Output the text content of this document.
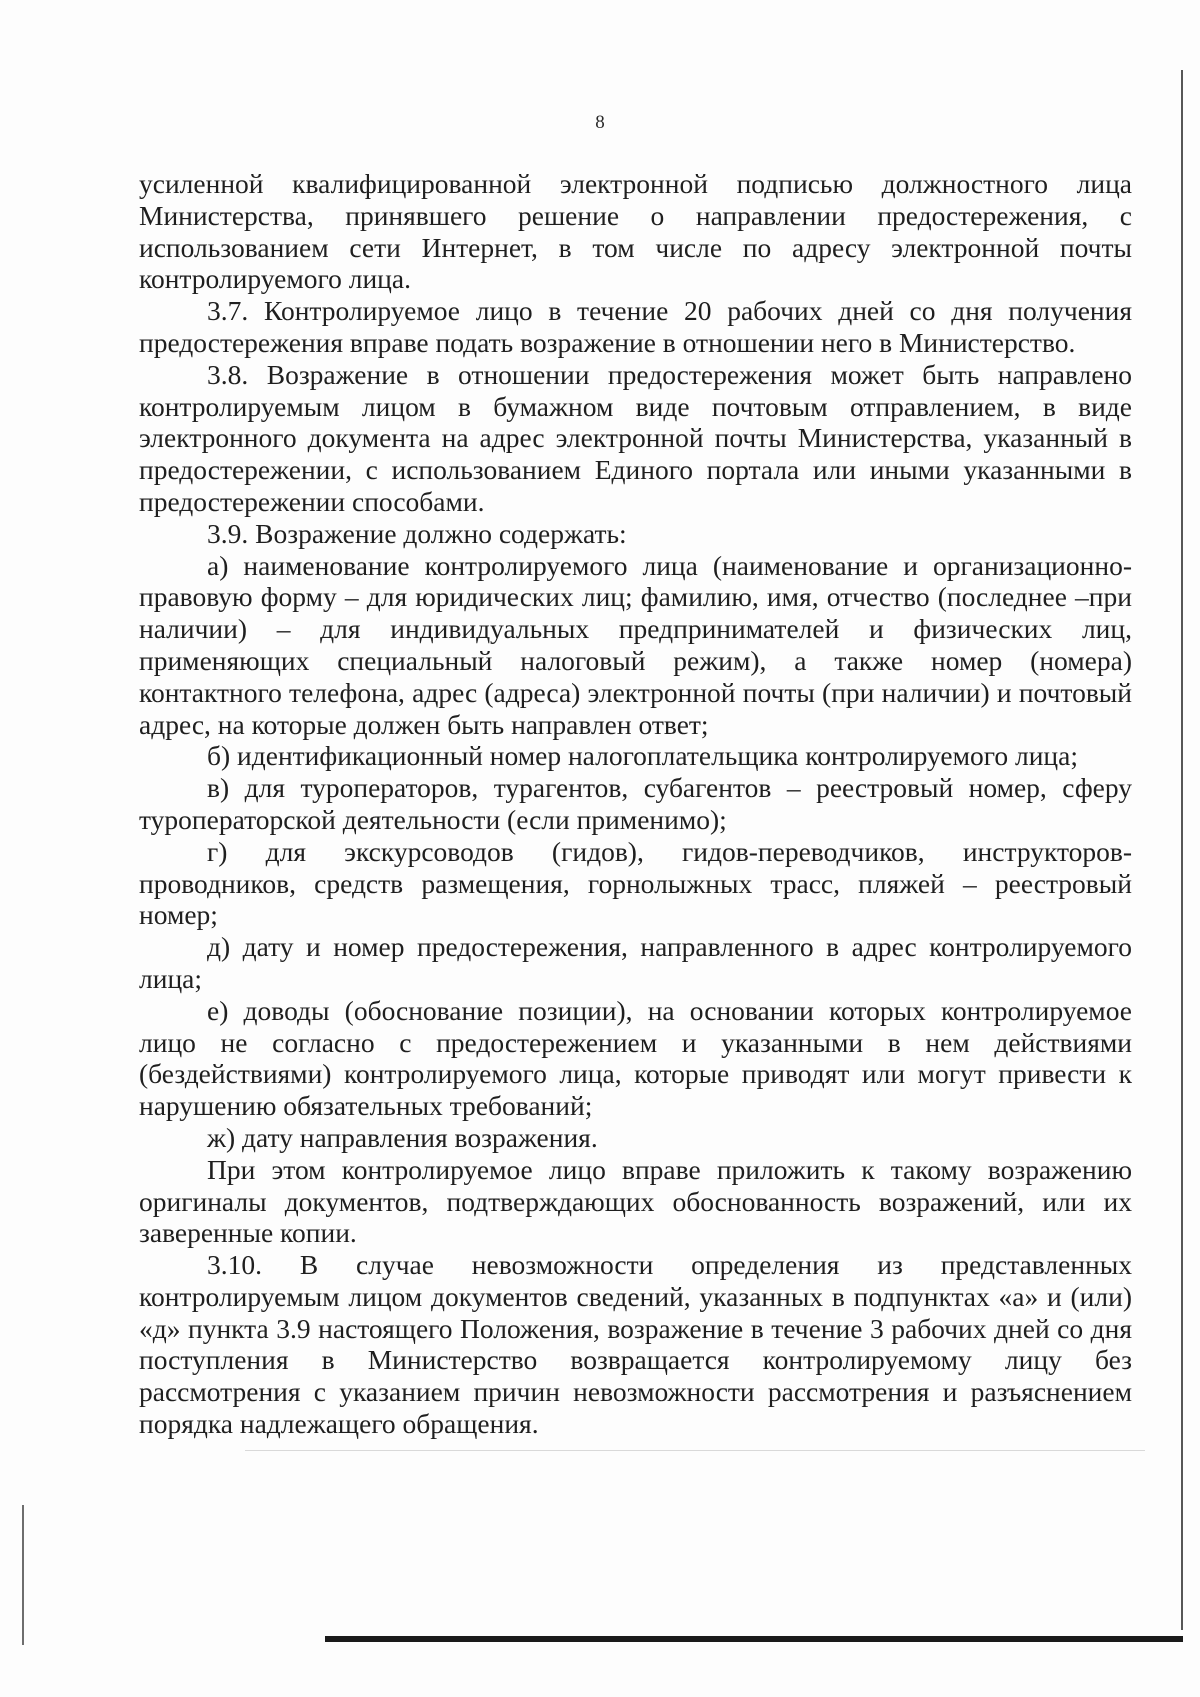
8

усиленной квалифицированной электронной подписью должностного лица Министерства, принявшего решение о направлении предостережения, с использованием сети Интернет, в том числе по адресу электронной почты контролируемого лица.

3.7. Контролируемое лицо в течение 20 рабочих дней со дня получения предостережения вправе подать возражение в отношении него в Министерство.

3.8. Возражение в отношении предостережения может быть направлено контролируемым лицом в бумажном виде почтовым отправлением, в виде электронного документа на адрес электронной почты Министерства, указанный в предостережении, с использованием Единого портала или иными указанными в предостережении способами.

3.9. Возражение должно содержать:

а) наименование контролируемого лица (наименование и организационно-правовую форму – для юридических лиц; фамилию, имя, отчество (последнее –при наличии) – для индивидуальных предпринимателей и физических лиц, применяющих специальный налоговый режим), а также номер (номера) контактного телефона, адрес (адреса) электронной почты (при наличии) и почтовый адрес, на которые должен быть направлен ответ;

б) идентификационный номер налогоплательщика контролируемого лица;

в) для туроператоров, турагентов, субагентов – реестровый номер, сферу туроператорской деятельности (если применимо);

г) для экскурсоводов (гидов), гидов-переводчиков, инструкторов-проводников, средств размещения, горнолыжных трасс, пляжей – реестровый номер;

д) дату и номер предостережения, направленного в адрес контролируемого лица;

е) доводы (обоснование позиции), на основании которых контролируемое лицо не согласно с предостережением и указанными в нем действиями (бездействиями) контролируемого лица, которые приводят или могут привести к нарушению обязательных требований;

ж) дату направления возражения.

При этом контролируемое лицо вправе приложить к такому возражению оригиналы документов, подтверждающих обоснованность возражений, или их заверенные копии.

3.10. В случае невозможности определения из представленных контролируемым лицом документов сведений, указанных в подпунктах «а» и (или) «д» пункта 3.9 настоящего Положения, возражение в течение 3 рабочих дней со дня поступления в Министерство возвращается контролируемому лицу без рассмотрения с указанием причин невозможности рассмотрения и разъяснением порядка надлежащего обращения.
